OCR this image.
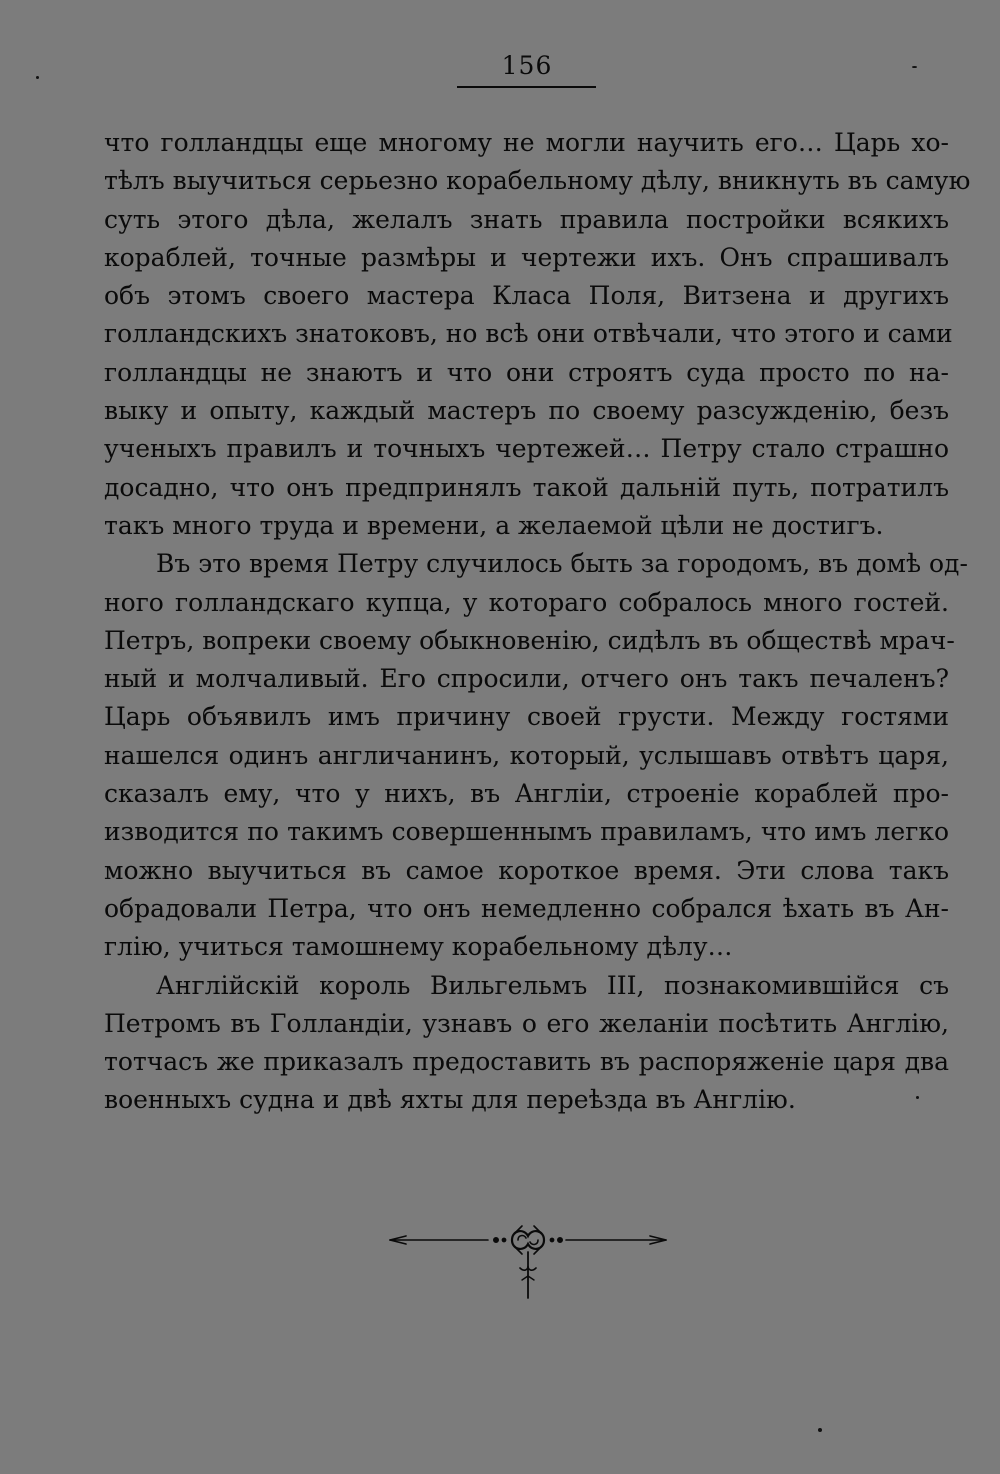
156
что голландцы еще многому не могли научить его… Царь хо-
тѣлъ выучиться серьезно корабельному дѣлу, вникнуть въ самую
суть этого дѣла, желалъ знать правила постройки всякихъ
кораблей, точные размѣры и чертежи ихъ. Онъ спрашивалъ
объ этомъ своего мастера Класа Поля, Витзена и другихъ
голландскихъ знатоковъ, но всѣ они отвѣчали, что этого и сами
голландцы не знаютъ и что они строятъ суда просто по на-
выку и опыту, каждый мастеръ по своему разсужденію, безъ
ученыхъ правилъ и точныхъ чертежей… Петру стало страшно
досадно, что онъ предпринялъ такой дальній путь, потратилъ
такъ много труда и времени, а желаемой цѣли не достигъ.
Въ это время Петру случилось быть за городомъ, въ домѣ од-
ного голландскаго купца, у котораго собралось много гостей.
Петръ, вопреки своему обыкновенію, сидѣлъ въ обществѣ мрач-
ный и молчаливый. Его спросили, отчего онъ такъ печаленъ?
Царь объявилъ имъ причину своей грусти. Между гостями
нашелся одинъ англичанинъ, который, услышавъ отвѣтъ царя,
сказалъ ему, что у нихъ, въ Англіи, строеніе кораблей про-
изводится по такимъ совершеннымъ правиламъ, что имъ легко
можно выучиться въ самое короткое время. Эти слова такъ
обрадовали Петра, что онъ немедленно собрался ѣхать въ Ан-
глію, учиться тамошнему корабельному дѣлу…
Англійскій король Вильгельмъ III, познакомившійся съ
Петромъ въ Голландіи, узнавъ о его желаніи посѣтить Англію,
тотчасъ же приказалъ предоставить въ распоряженіе царя два
военныхъ судна и двѣ яхты для переѣзда въ Англію.
